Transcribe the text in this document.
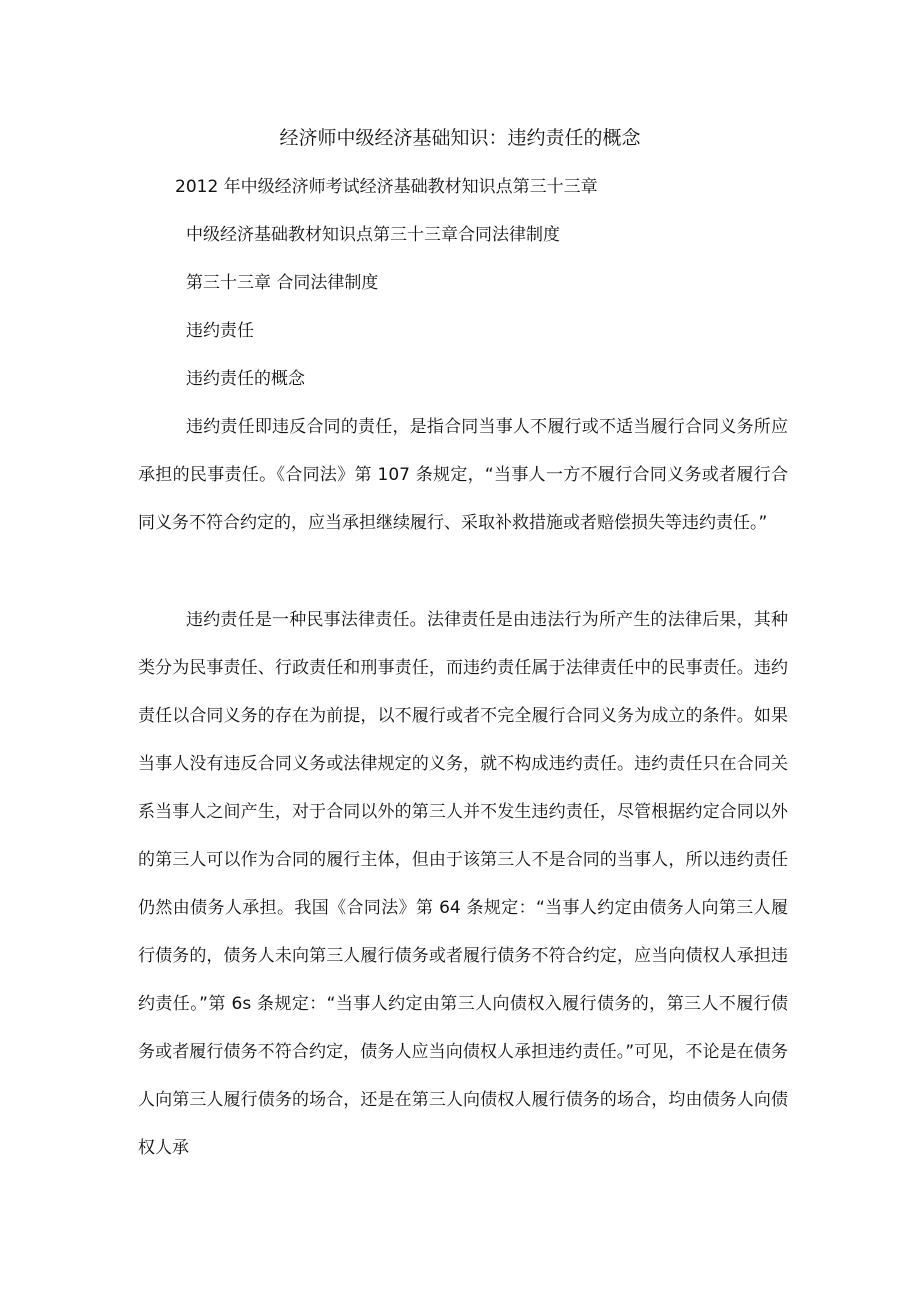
经济师中级经济基础知识：违约责任的概念

2012 年中级经济师考试经济基础教材知识点第三十三章

中级经济基础教材知识点第三十三章合同法律制度

第三十三章 合同法律制度

违约责任

违约责任的概念

违约责任即违反合同的责任，是指合同当事人不履行或不适当履行合同义务所应承担的民事责任。《合同法》第 107 条规定，“当事人一方不履行合同义务或者履行合同义务不符合约定的，应当承担继续履行、采取补救措施或者赔偿损失等违约责任。”

违约责任是一种民事法律责任。法律责任是由违法行为所产生的法律后果，其种类分为民事责任、行政责任和刑事责任，而违约责任属于法律责任中的民事责任。违约责任以合同义务的存在为前提，以不履行或者不完全履行合同义务为成立的条件。如果当事人没有违反合同义务或法律规定的义务，就不构成违约责任。违约责任只在合同关系当事人之间产生，对于合同以外的第三人并不发生违约责任，尽管根据约定合同以外的第三人可以作为合同的履行主体，但由于该第三人不是合同的当事人，所以违约责任仍然由债务人承担。我国《合同法》第 64 条规定：“当事人约定由债务人向第三人履行债务的，债务人未向第三人履行债务或者履行债务不符合约定，应当向债权人承担违约责任。”第 6s 条规定：“当事人约定由第三人向债权入履行债务的，第三人不履行债务或者履行债务不符合约定，债务人应当向债权人承担违约责任。”可见，不论是在债务人向第三人履行债务的场合，还是在第三人向债权人履行债务的场合，均由债务人向债权人承
